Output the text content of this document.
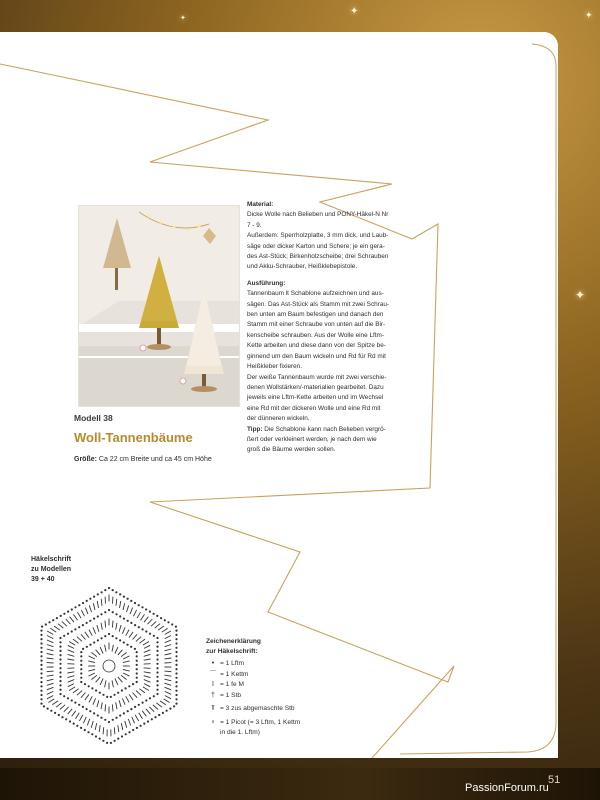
✦
✦
✦
✦
Modell 38
Woll-Tannenbäume
Größe: Ca 22 cm Breite und ca 45 cm Höhe

Material:

Dicke Wolle nach Belieben und PONY-Häkel-N Nr

7 - 9.

Außerdem: Sperrholzplatte, 3 mm dick, und Laub-

säge oder dicker Karton und Schere; je ein gera-

des Ast-Stück; Birkenholzscheibe; drei Schrauben

und Akku-Schrauber, Heißklebepistole.

Ausführung:

Tannenbaum lt Schablone aufzeichnen und aus-

sägen. Das Ast-Stück als Stamm mit zwei Schrau-

ben unten am Baum befestigen und danach den

Stamm mit einer Schraube von unten auf die Bir-

kenscheibe schrauben. Aus der Wolle eine Lftm-

Kette arbeiten und diese dann von der Spitze be-

ginnend um den Baum wickeln und Rd für Rd mit

Heißkleber fixieren.

Der weiße Tannenbaum wurde mit zwei verschie-

denen Wollstärken/-materialien gearbeitet. Dazu

jeweils eine Lftm-Kette arbeiten und im Wechsel

eine Rd mit der dickeren Wolle und eine Rd mit

der dünneren wickeln.

Tipp: Die Schablone kann nach Belieben vergrö-

ßert oder verkleinert werden, je nach dem wie

groß die Bäume werden sollen.

Häkelschrift
zu Modellen
39 + 40
Zeichenerklärung
zur Häkelschrift:
• = 1 Lftm
⌒ = 1 Kettm
I = 1 fe M
† = 1 Stb
⫪ = 3 zus abgemaschte Stb
♀ = 1 Picot (= 3 Lftm, 1 Kettm
in die 1. Lftm)
51
PassionForum.ru
